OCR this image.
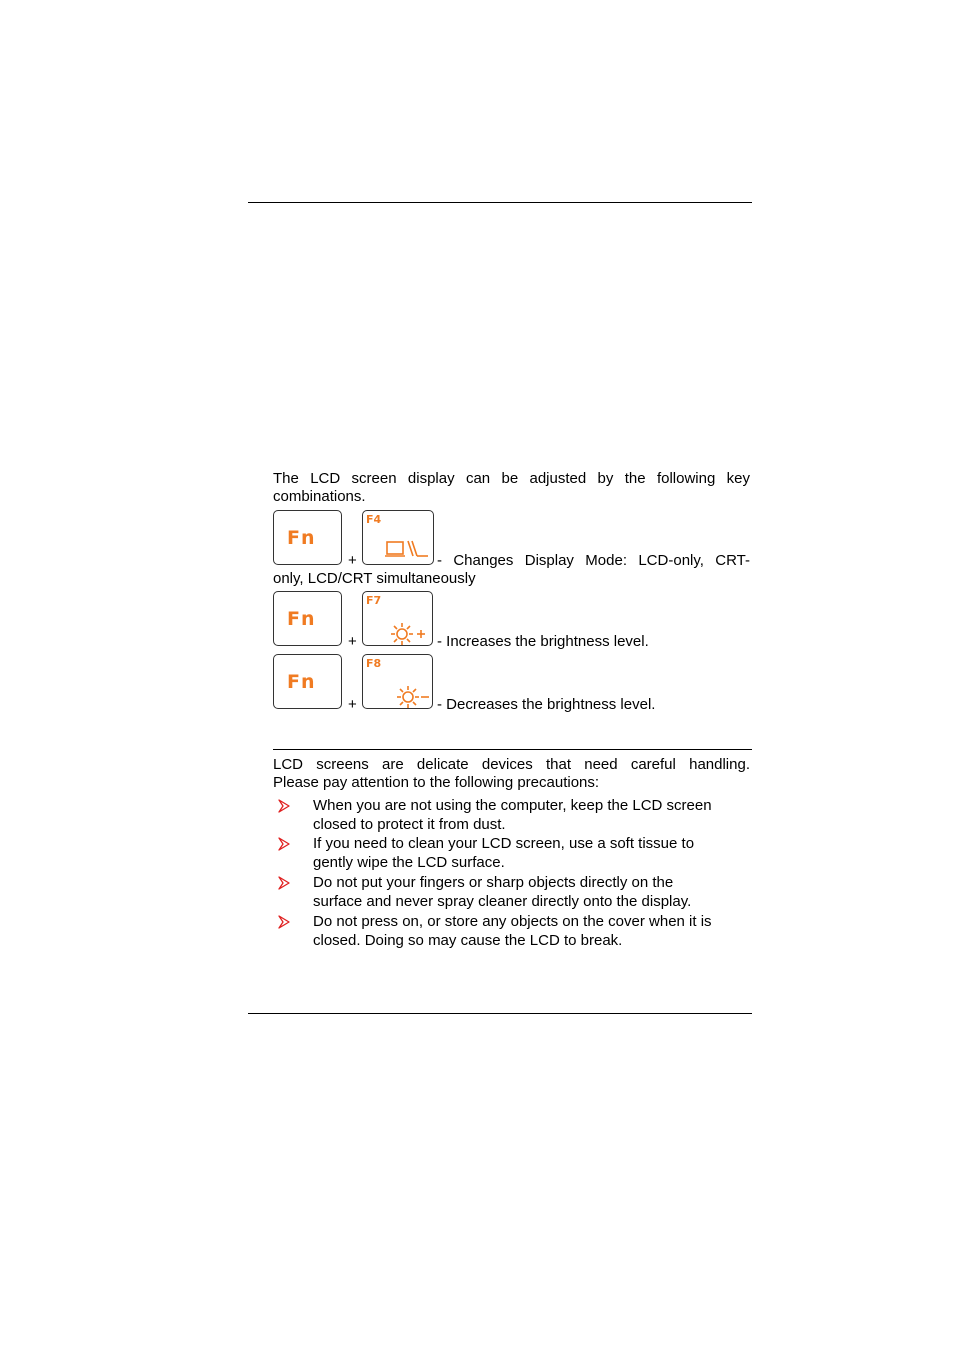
The LCD screen display can be adjusted by the following key
combinations.
Fn
+
F4
- Changes Display Mode: LCD-only, CRT-
only, LCD/CRT simultaneously
Fn
+
F7
- Increases the brightness level.
Fn
+
F8
- Decreases the brightness level.
LCD screens are delicate devices that need careful handling.
Please pay attention to the following precautions:
When you are not using the computer, keep the LCD screen
closed to protect it from dust.
If you need to clean your LCD screen, use a soft tissue to
gently wipe the LCD surface.
Do not put your fingers or sharp objects directly on the
surface and never spray cleaner directly onto the display.
Do not press on, or store any objects on the cover when it is
closed. Doing so may cause the LCD to break.
